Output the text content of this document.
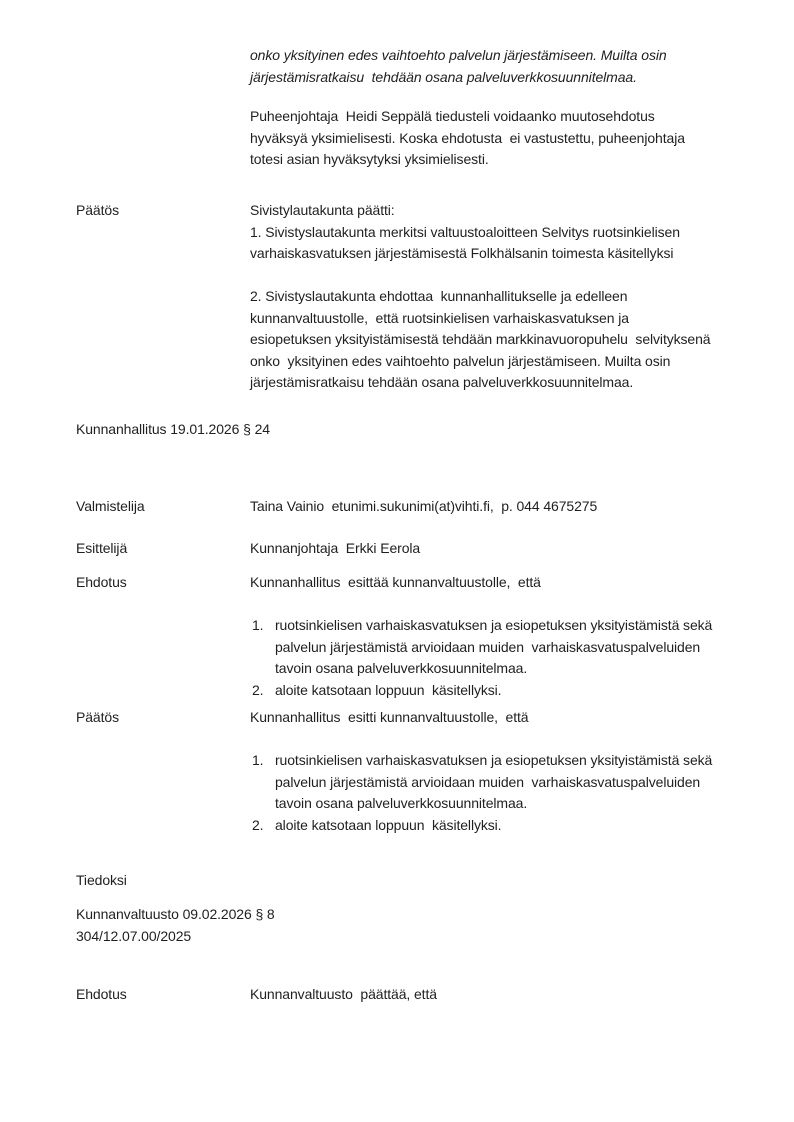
onko yksityinen edes vaihtoehto palvelun järjestämiseen. Muilta osin
järjestämisratkaisu  tehdään osana palveluverkkosuunnitelmaa.
Puheenjohtaja  Heidi Seppälä tiedusteli voidaanko muutosehdotus
hyväksyä yksimielisesti. Koska ehdotusta  ei vastustettu, puheenjohtaja
totesi asian hyväksytyksi yksimielisesti.
Päätös	Sivistylautakunta päätti:
1. Sivistyslautakunta merkitsi valtuustoaloitteen Selvitys ruotsinkielisen
varhaiskasvatuksen järjestämisestä Folkhälsanin toimesta käsitellyksi
2. Sivistyslautakunta ehdottaa  kunnanhallitukselle ja edelleen
kunnanvaltuustolle,  että ruotsinkielisen varhaiskasvatuksen ja
esiopetuksen yksityistämisestä tehdään markkinavuoropuhelu  selvityksenä
onko  yksityinen edes vaihtoehto palvelun järjestämiseen. Muilta osin
järjestämisratkaisu tehdään osana palveluverkkosuunnitelmaa.
Kunnanhallitus 19.01.2026 § 24
Valmistelija	Taina Vainio  etunimi.sukunimi(at)vihti.fi,  p. 044 4675275
Esittelijä	Kunnanjohtaja  Erkki Eerola
Ehdotus	Kunnanhallitus  esittää kunnanvaltuustolle,  että
1. ruotsinkielisen varhaiskasvatuksen ja esiopetuksen yksityistämistä sekä
palvelun järjestämistä arvioidaan muiden  varhaiskasvatuspalveluiden
tavoin osana palveluverkkosuunnitelmaa.
2. aloite katsotaan loppuun  käsitellyksi.
Päätös	Kunnanhallitus  esitti kunnanvaltuustolle,  että
1. ruotsinkielisen varhaiskasvatuksen ja esiopetuksen yksityistämistä sekä
palvelun järjestämistä arvioidaan muiden  varhaiskasvatuspalveluiden
tavoin osana palveluverkkosuunnitelmaa.
2. aloite katsotaan loppuun  käsitellyksi.
Tiedoksi
Kunnanvaltuusto 09.02.2026 § 8
304/12.07.00/2025
Ehdotus	Kunnanvaltuusto  päättää, että
